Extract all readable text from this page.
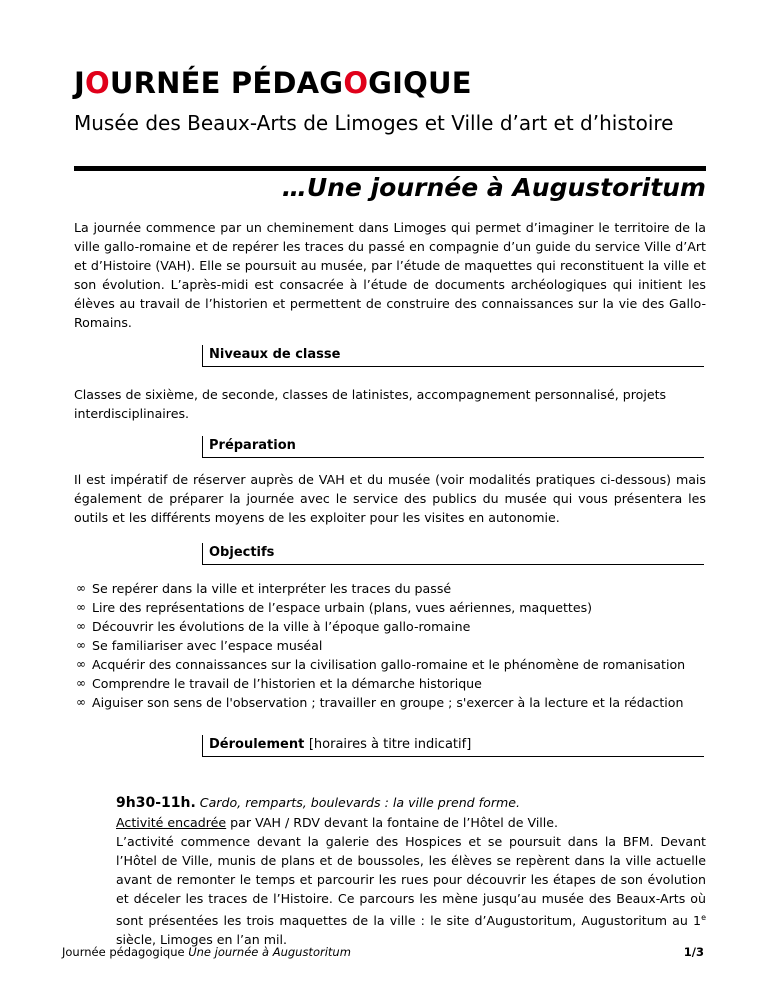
JOURNÉE PÉDAGOGIQUE
Musée des Beaux-Arts de Limoges et Ville d’art et d’histoire
…Une journée à Augustoritum

La journée commence par un cheminement dans Limoges qui permet d’imaginer le territoire de la ville gallo-romaine et de repérer les traces du passé en compagnie d’un guide du service Ville d’Art et d’Histoire (VAH). Elle se poursuit au musée, par l’étude de maquettes qui reconstituent la ville et son évolution. L’après-midi est consacrée à l’étude de documents archéologiques qui initient les élèves au travail de l’historien et permettent de construire des connaissances sur la vie des Gallo-Romains.

Niveaux de classe

Classes de sixième, de seconde, classes de latinistes, accompagnement personnalisé, projets interdisciplinaires.

Préparation

Il est impératif de réserver auprès de VAH et du musée (voir modalités pratiques ci-dessous) mais également de préparer la journée avec le service des publics du musée qui vous présentera les outils et les différents moyens de les exploiter pour les visites en autonomie.

Objectifs
∞ Se repérer dans la ville et interpréter les traces du passé
∞ Lire des représentations de l’espace urbain (plans, vues aériennes, maquettes)
∞ Découvrir les évolutions de la ville à l’époque gallo-romaine
∞ Se familiariser avec l’espace muséal
∞ Acquérir des connaissances sur la civilisation gallo-romaine et le phénomène de romanisation
∞ Comprendre le travail de l’historien et la démarche historique
∞ Aiguiser son sens de l'observation ; travailler en groupe ; s'exercer à la lecture et la rédaction
Déroulement [horaires à titre indicatif]

9h30-11h. Cardo, remparts, boulevards : la ville prend forme.

Activité encadrée par VAH / RDV devant la fontaine de l’Hôtel de Ville.

L’activité commence devant la galerie des Hospices et se poursuit dans la BFM. Devant l’Hôtel de Ville, munis de plans et de boussoles, les élèves se repèrent dans la ville actuelle avant de remonter le temps et parcourir les rues pour découvrir les étapes de son évolution et déceler les traces de l’Histoire. Ce parcours les mène jusqu’au musée des Beaux-Arts où sont présentées les trois maquettes de la ville : le site d’Augustoritum, Augustoritum au 1e siècle, Limoges en l’an mil.

Journée pédagogique Une journée à Augustoritum	1/3
